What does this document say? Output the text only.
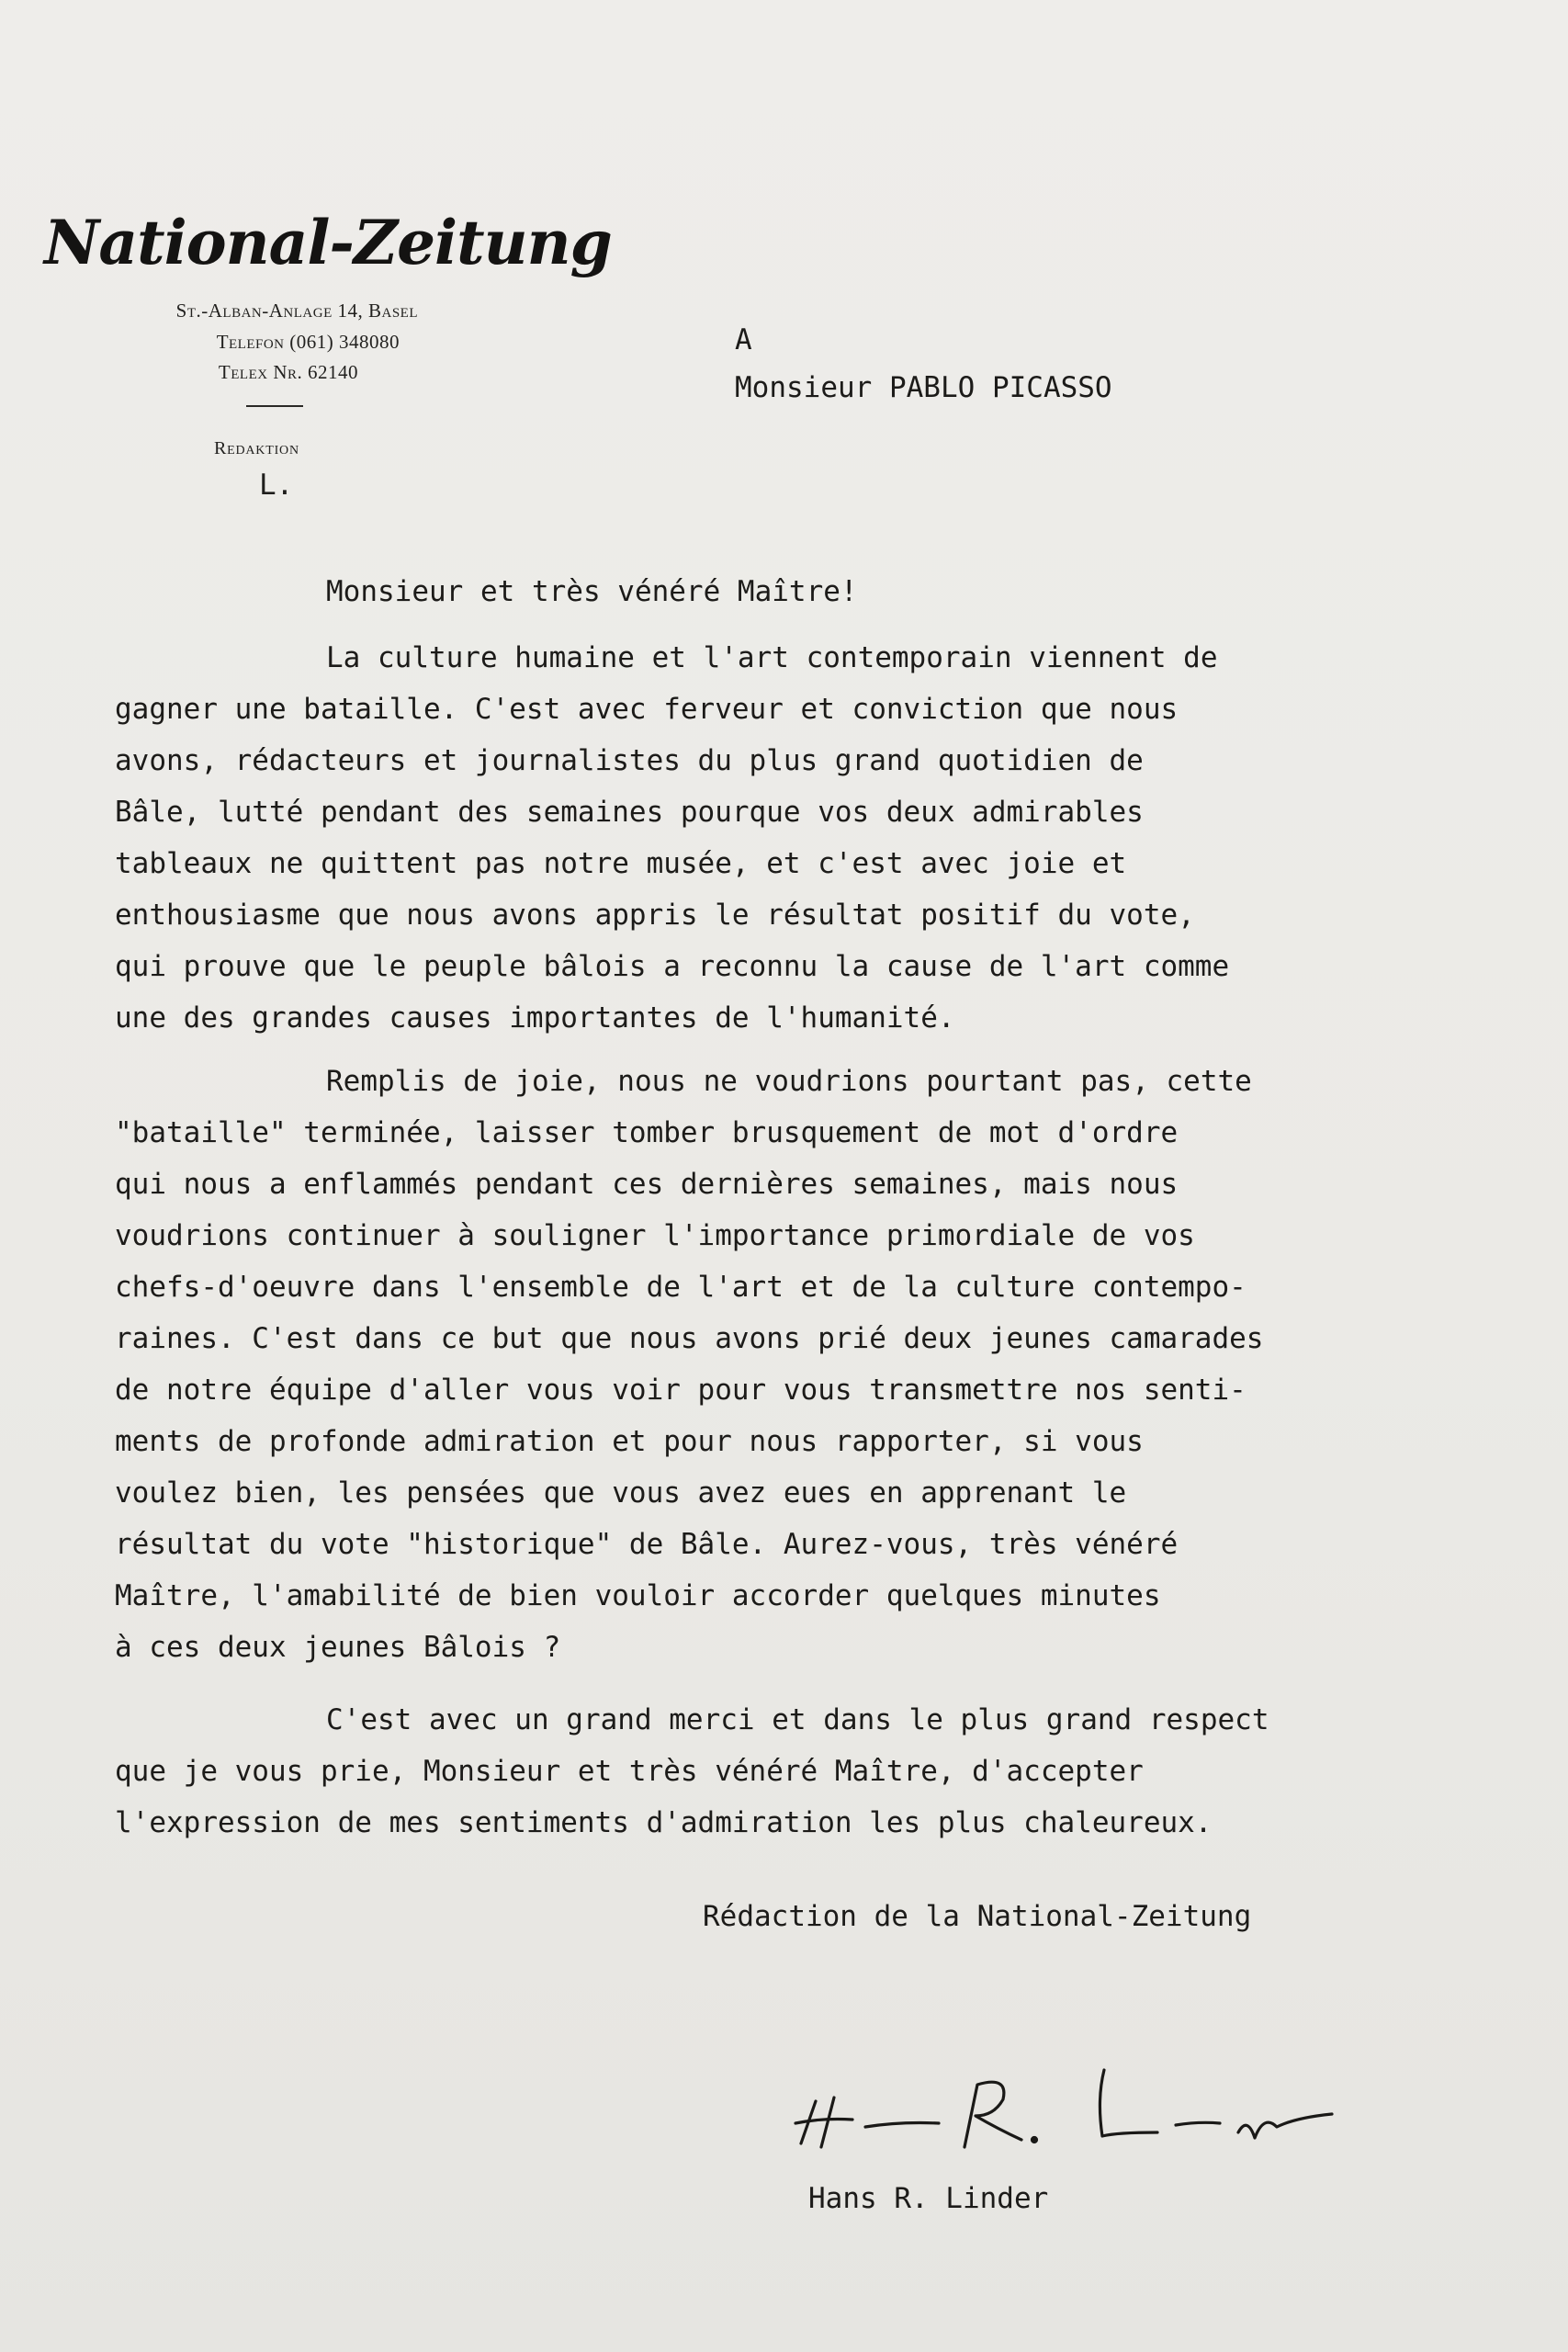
National-Zeitung
St.-Alban-Anlage 14, Basel
Telefon (061) 348080
Telex Nr. 62140
Redaktion
L.
A
Monsieur PABLO PICASSO
Monsieur et très vénéré Maître!
La culture humaine et l'art contemporain viennent de
gagner une bataille. C'est avec ferveur et conviction que nous
avons, rédacteurs et journalistes du plus grand quotidien de
Bâle, lutté pendant des semaines pourque vos deux admirables
tableaux ne quittent pas notre musée, et c'est avec joie et
enthousiasme que nous avons appris le résultat positif du vote,
qui prouve que le peuple bâlois a reconnu la cause de l'art comme
une des grandes causes importantes de l'humanité.
Remplis de joie, nous ne voudrions pourtant pas, cette
"bataille" terminée, laisser tomber brusquement de mot d'ordre
qui nous a enflammés pendant ces dernières semaines, mais nous
voudrions continuer à souligner l'importance primordiale de vos
chefs-d'oeuvre dans l'ensemble de l'art et de la culture contempo-
raines. C'est dans ce but que nous avons prié deux jeunes camarades
de notre équipe d'aller vous voir pour vous transmettre nos senti-
ments de profonde admiration et pour nous rapporter, si vous
voulez bien, les pensées que vous avez eues en apprenant le
résultat du vote "historique" de Bâle. Aurez-vous, très vénéré
Maître, l'amabilité de bien vouloir accorder quelques minutes
à ces deux jeunes Bâlois ?
C'est avec un grand merci et dans le plus grand respect
que je vous prie, Monsieur et très vénéré Maître, d'accepter
l'expression de mes sentiments d'admiration les plus chaleureux.
Rédaction de la National-Zeitung
Hans R. Linder
